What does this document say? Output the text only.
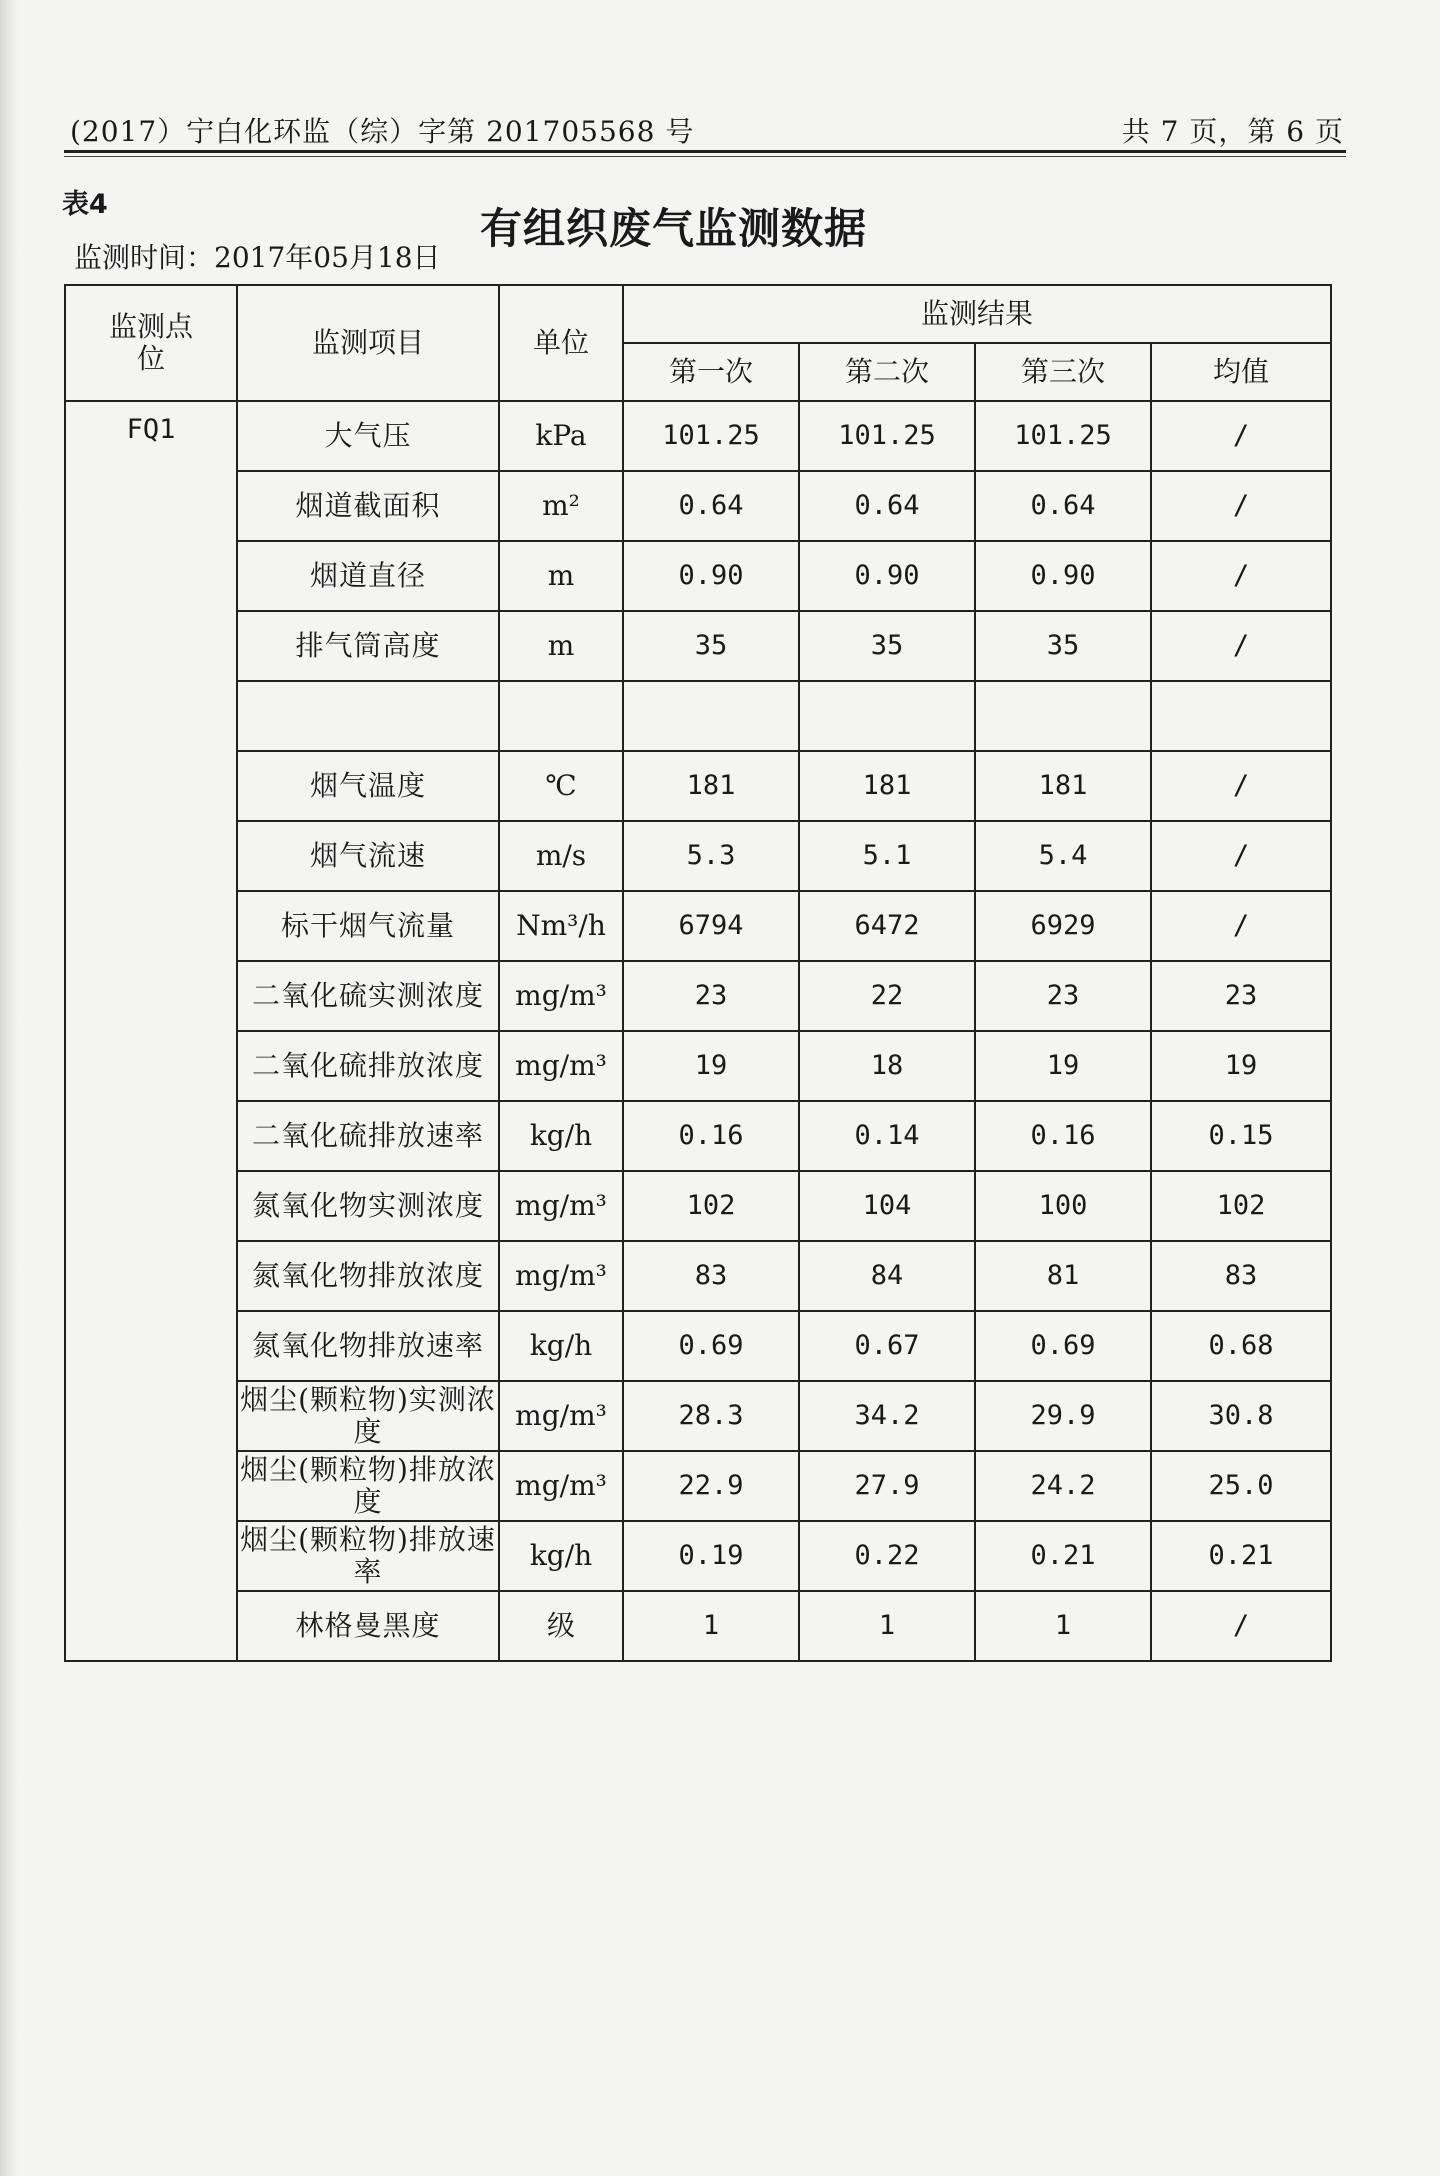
(2017）宁白化环监（综）字第 201705568 号	共 7 页，第 6 页
表4	有组织废气监测数据
监测时间：2017年05月18日
监测点位	监测项目	单位	监测结果			
			第一次	第二次	第三次	均值
FQ1	大气压	kPa	101.25	101.25	101.25	/
	烟道截面积	m²	0.64	0.64	0.64	/
	烟道直径	m	0.90	0.90	0.90	/
	排气筒高度	m	35	35	35	/

	烟气温度	℃	181	181	181	/
	烟气流速	m/s	5.3	5.1	5.4	/
	标干烟气流量	Nm³/h	6794	6472	6929	/
	二氧化硫实测浓度	mg/m³	23	22	23	23
	二氧化硫排放浓度	mg/m³	19	18	19	19
	二氧化硫排放速率	kg/h	0.16	0.14	0.16	0.15
	氮氧化物实测浓度	mg/m³	102	104	100	102
	氮氧化物排放浓度	mg/m³	83	84	81	83
	氮氧化物排放速率	kg/h	0.69	0.67	0.69	0.68
	烟尘(颗粒物)实测浓度	mg/m³	28.3	34.2	29.9	30.8
	烟尘(颗粒物)排放浓度	mg/m³	22.9	27.9	24.2	25.0
	烟尘(颗粒物)排放速率	kg/h	0.19	0.22	0.21	0.21
	林格曼黑度	级	1	1	1	/
